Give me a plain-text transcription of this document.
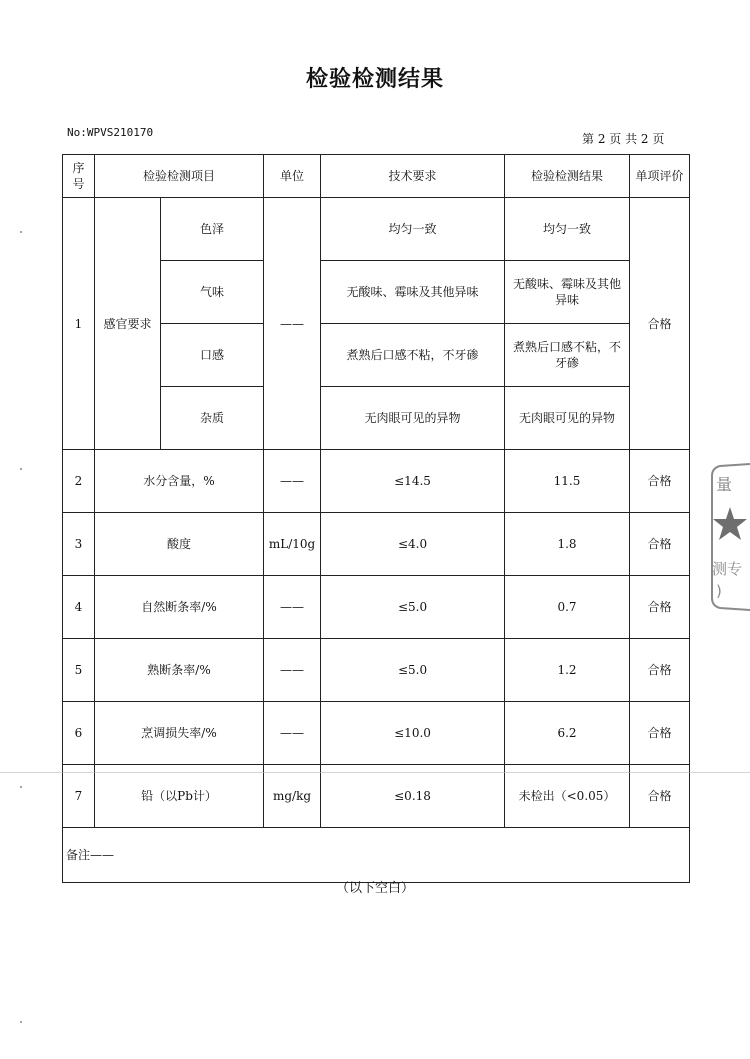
检验检测结果
No:WPVS210170	第 2 页 共 2 页
序号	检验检测项目		单位	技术要求	检验检测结果	单项评价
1	感官要求	色泽	——	均匀一致	均匀一致	合格
		气味		无酸味、霉味及其他异味	无酸味、霉味及其他异味	
		口感		煮熟后口感不粘，不牙碜	煮熟后口感不粘，不牙碜	
		杂质		无肉眼可见的异物	无肉眼可见的异物	
2	水分含量，%		——	≤14.5	11.5	合格
3	酸度		mL/10g	≤4.0	1.8	合格
4	自然断条率/%		——	≤5.0	0.7	合格
5	熟断条率/%		——	≤5.0	1.2	合格
6	烹调损失率/%		——	≤10.0	6.2	合格
7	铅（以Pb计）		mg/kg	≤0.18	未检出（<0.05）	合格
备注——						
（以下空白）
量
测专
)
